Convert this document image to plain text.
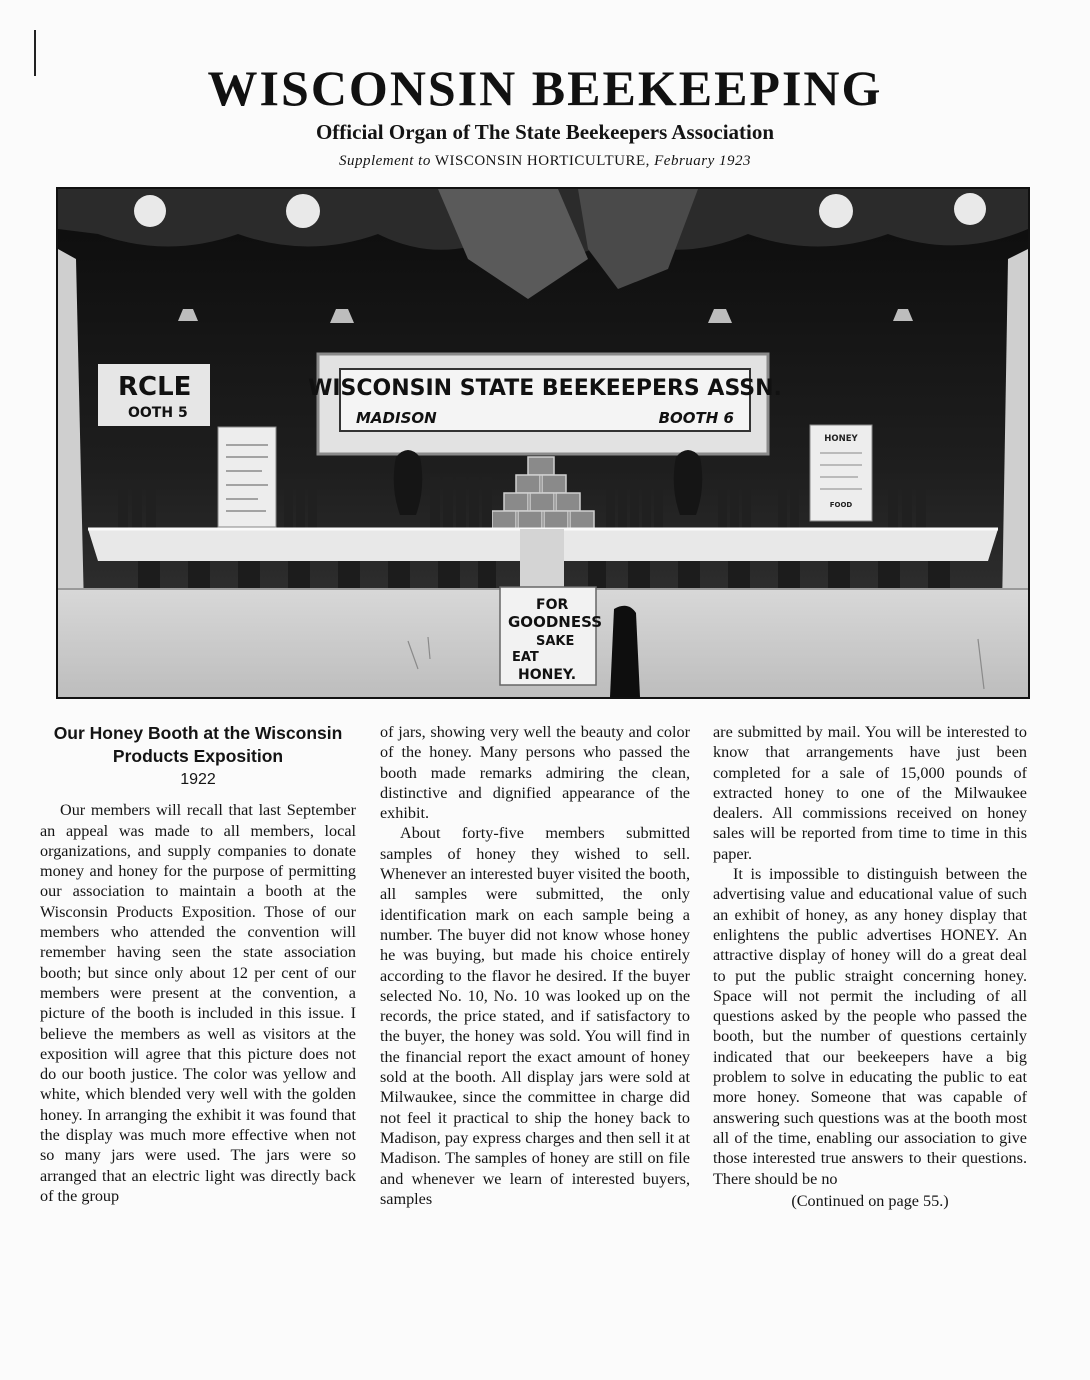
WISCONSIN BEEKEEPING
Official Organ of The State Beekeepers Association
Supplement to WISCONSIN HORTICULTURE, February 1923
WISCONSIN STATE BEEKEEPERS ASSN.
MADISON	BOOTH 6
RCLE
OOTH 5
HONEY
FOOD
FOR
GOODNESS
SAKE
EAT
HONEY.
Our Honey Booth at the Wisconsin Products Exposition
1922

Our members will recall that last September an appeal was made to all members, local organizations, and supply companies to donate money and honey for the purpose of permitting our association to maintain a booth at the Wisconsin Products Exposition. Those of our members who attended the convention will remember having seen the state association booth; but since only about 12 per cent of our members were present at the convention, a picture of the booth is included in this issue. I believe the members as well as visitors at the exposition will agree that this picture does not do our booth justice. The color was yellow and white, which blended very well with the golden honey. In arranging the exhibit it was found that the display was much more effective when not so many jars were used. The jars were so arranged that an electric light was directly back of the group

of jars, showing very well the beauty and color of the honey. Many persons who passed the booth made remarks admiring the clean, distinctive and dignified appearance of the exhibit.

About forty-five members submitted samples of honey they wished to sell. Whenever an interested buyer visited the booth, all samples were submitted, the only identification mark on each sample being a number. The buyer did not know whose honey he was buying, but made his choice entirely according to the flavor he desired. If the buyer selected No. 10, No. 10 was looked up on the records, the price stated, and if satisfactory to the buyer, the honey was sold. You will find in the financial report the exact amount of honey sold at the booth. All display jars were sold at Milwaukee, since the committee in charge did not feel it practical to ship the honey back to Madison, pay express charges and then sell it at Madison. The samples of honey are still on file and whenever we learn of interested buyers, samples

are submitted by mail. You will be interested to know that arrangements have just been completed for a sale of 15,000 pounds of extracted honey to one of the Milwaukee dealers. All commissions received on honey sales will be reported from time to time in this paper.

It is impossible to distinguish between the advertising value and educational value of such an exhibit of honey, as any honey display that enlightens the public advertises HONEY. An attractive display of honey will do a great deal to put the public straight concerning honey. Space will not permit the including of all questions asked by the people who passed the booth, but the number of questions certainly indicated that our beekeepers have a big problem to solve in educating the public to eat more honey. Someone that was capable of answering such questions was at the booth most all of the time, enabling our association to give those interested true answers to their questions. There should be no

(Continued on page 55.)
